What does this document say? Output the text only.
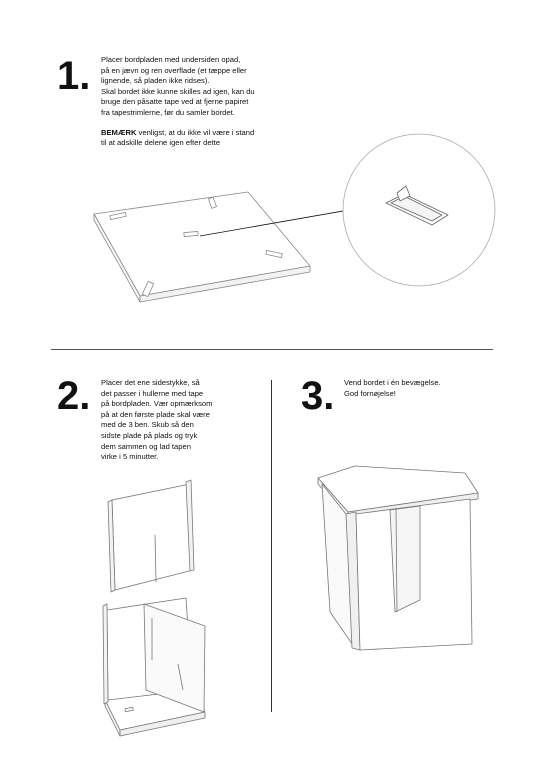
1. Placer bordpladen med undersiden opad,
på en jævn og ren overflade (et tæppe eller
lignende, så pladen ikke ridses).
Skal bordet ikke kunne skilles ad igen, kan du
bruge den påsatte tape ved at fjerne papiret
fra tapestrimlerne, før du samler bordet.

BEMÆRK venligst, at du ikke vil være i stand
til at adskille delene igen efter dette

2. Placer det ene sidestykke, så
det passer i hullerne med tape
på bordpladen. Vær opmærksom
på at den første plade skal være
med de 3 ben. Skub så den
sidste plade på plads og tryk
dem sammen og lad tapen
virke i 5 minutter.

3. Vend bordet i én bevægelse.
God fornøjelse!
